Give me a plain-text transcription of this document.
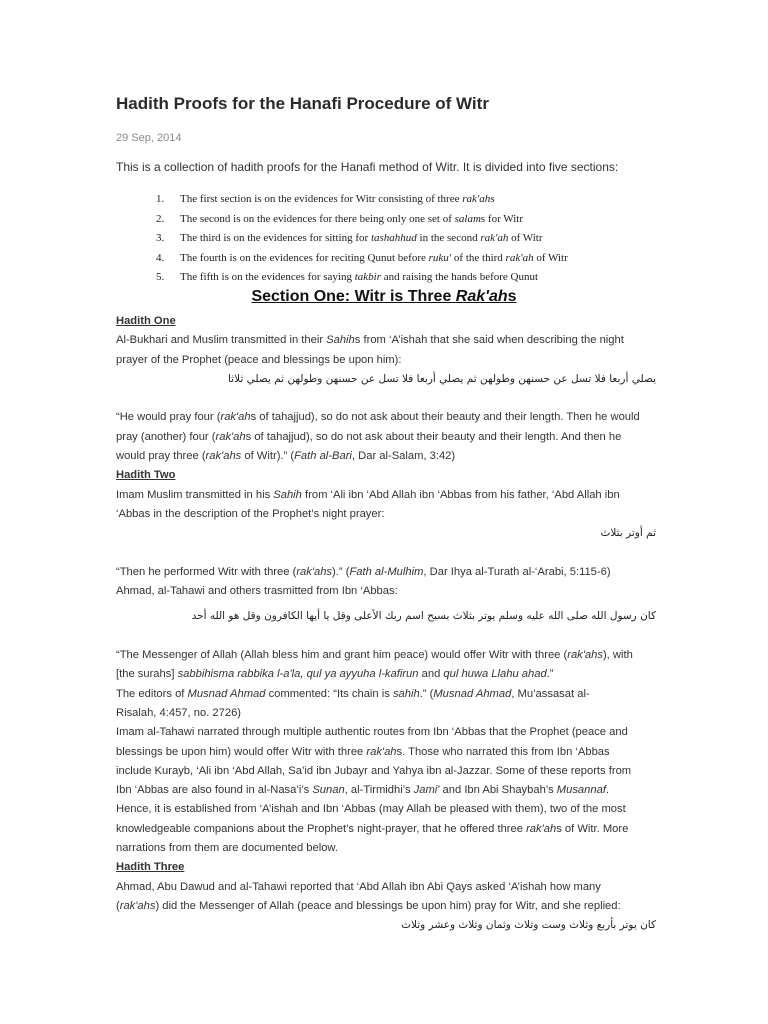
Hadith Proofs for the Hanafi Procedure of Witr
29 Sep, 2014
This is a collection of hadith proofs for the Hanafi method of Witr. It is divided into five sections:
1. The first section is on the evidences for Witr consisting of three rak'ahs
2. The second is on the evidences for there being only one set of salams for Witr
3. The third is on the evidences for sitting for tashahhud in the second rak'ah of Witr
4. The fourth is on the evidences for reciting Qunut before ruku' of the third rak'ah of Witr
5. The fifth is on the evidences for saying takbir and raising the hands before Qunut
Section One: Witr is Three Rak'ahs

Hadith One

Al-Bukhari and Muslim transmitted in their Sahihs from ‘A’ishah that she said when describing the night
prayer of the Prophet (peace and blessings be upon him):

يصلي أربعا فلا تسل عن حسنهن وطولهن ثم يصلي أربعا فلا تسل عن حسنهن وطولهن ثم يصلي ثلاثا

“He would pray four (rak'ahs of tahajjud), so do not ask about their beauty and their length. Then he would
pray (another) four (rak'ahs of tahajjud), so do not ask about their beauty and their length. And then he
would pray three (rak'ahs of Witr).” (Fath al-Bari, Dar al-Salam, 3:42)

Hadith Two

Imam Muslim transmitted in his Sahih from ‘Ali ibn ‘Abd Allah ibn ‘Abbas from his father, ‘Abd Allah ibn
‘Abbas in the description of the Prophet’s night prayer:

ثم أوتر بثلاث

“Then he performed Witr with three (rak'ahs).” (Fath al-Mulhim, Dar Ihya al-Turath al-‘Arabi, 5:115-6)

Ahmad, al-Tahawi and others trasmitted from Ibn ‘Abbas:

كان رسول الله صلى الله عليه وسلم يوتر بثلاث بسبح اسم ربك الأعلى وقل يا أيها الكافرون وقل هو الله أحد

“The Messenger of Allah (Allah bless him and grant him peace) would offer Witr with three (rak'ahs), with
[the surahs] sabbihisma rabbika l-a'la, qul ya ayyuha l-kafirun and qul huwa Llahu ahad.”

The editors of Musnad Ahmad commented: “Its chain is sahih.” (Musnad Ahmad, Mu’assasat al-
Risalah, 4:457, no. 2726)

Imam al-Tahawi narrated through multiple authentic routes from Ibn ‘Abbas that the Prophet (peace and
blessings be upon him) would offer Witr with three rak'ahs. Those who narrated this from Ibn ‘Abbas
include Kurayb, ‘Ali ibn ‘Abd Allah, Sa’id ibn Jubayr and Yahya ibn al-Jazzar. Some of these reports from
Ibn ‘Abbas are also found in al-Nasa’i’s Sunan, al-Tirmidhi’s Jami' and Ibn Abi Shaybah’s Musannaf.

Hence, it is established from ‘A’ishah and Ibn ‘Abbas (may Allah be pleased with them), two of the most
knowledgeable companions about the Prophet’s night-prayer, that he offered three rak'ahs of Witr. More
narrations from them are documented below.

Hadith Three

Ahmad, Abu Dawud and al-Tahawi reported that ‘Abd Allah ibn Abi Qays asked ‘A’ishah how many
(rak'ahs) did the Messenger of Allah (peace and blessings be upon him) pray for Witr, and she replied:

كان يوتر بأربع وثلاث وست وثلاث وثمان وثلاث وعشر وثلاث
